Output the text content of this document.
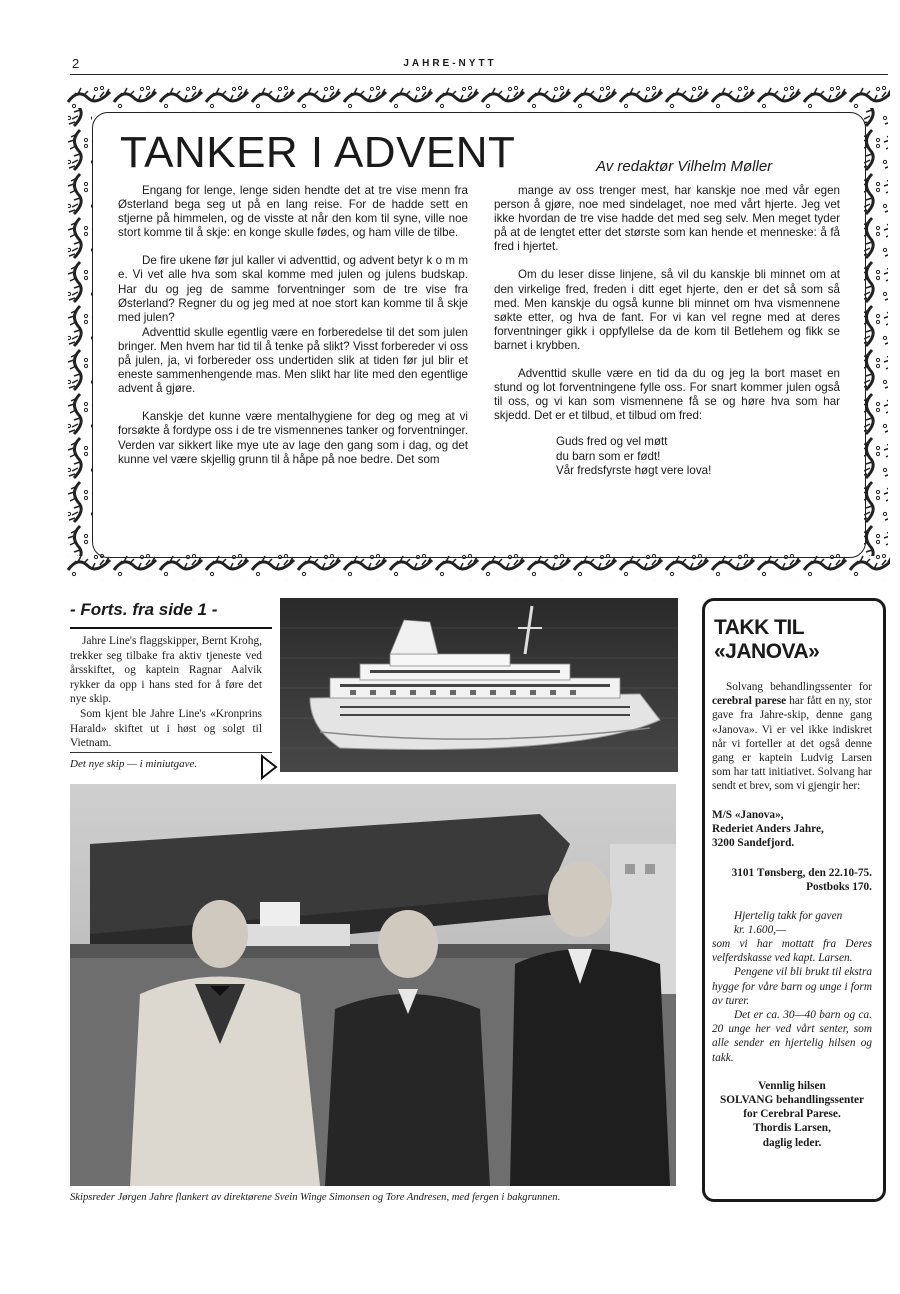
2	JAHRE-NYTT
TANKER I ADVENT	Av redaktør Vilhelm Møller

Engang for lenge, lenge siden hendte det at tre vise menn fra Østerland bega seg ut på en lang reise. For de hadde sett en stjerne på himmelen, og de visste at når den kom til syne, ville noe stort komme til å skje: en konge skulle fødes, og ham ville de tilbe.

De fire ukene før jul kaller vi adventtid, og advent betyr k o m m e. Vi vet alle hva som skal komme med julen og julens budskap. Har du og jeg de samme forventninger som de tre vise fra Østerland? Regner du og jeg med at noe stort kan komme til å skje med julen?

Adventtid skulle egentlig være en forberedelse til det som julen bringer. Men hvem har tid til å tenke på slikt? Visst forbereder vi oss på julen, ja, vi forbereder oss undertiden slik at tiden før jul blir et eneste sammenhengende mas. Men slikt har lite med den egentlige advent å gjøre.

Kanskje det kunne være mentalhygiene for deg og meg at vi forsøkte å fordype oss i de tre vismennenes tanker og forventninger. Verden var sikkert like mye ute av lage den gang som i dag, og det kunne vel være skjellig grunn til å håpe på noe bedre. Det som

mange av oss trenger mest, har kanskje noe med vår egen person å gjøre, noe med sindelaget, noe med vårt hjerte. Jeg vet ikke hvordan de tre vise hadde det med seg selv. Men meget tyder på at de lengtet etter det største som kan hende et menneske: å få fred i hjertet.

Om du leser disse linjene, så vil du kanskje bli minnet om at den virkelige fred, freden i ditt eget hjerte, den er det så som så med. Men kanskje du også kunne bli minnet om hva vismennene søkte etter, og hva de fant. For vi kan vel regne med at deres forventninger gikk i oppfyllelse da de kom til Betlehem og fikk se barnet i krybben.

Adventtid skulle være en tid da du og jeg la bort maset en stund og lot forventningene fylle oss. For snart kommer julen også til oss, og vi kan som vismennene få se og høre hva som har skjedd. Det er et tilbud, et tilbud om fred:

Guds fred og vel møtt
du barn som er født!
Vår fredsfyrste høgt vere lova!
- Forts. fra side 1 -

Jahre Line's flaggskipper, Bernt Krohg, trekker seg tilbake fra aktiv tjeneste ved årsskiftet, og kaptein Ragnar Aalvik rykker da opp i hans sted for å føre det nye skip.

Som kjent ble Jahre Line's «Kronprins Harald» skiftet ut i høst og solgt til Vietnam.

Det nye skip — i miniutgave.
Skipsreder Jørgen Jahre flankert av direktørene Svein Winge Simonsen og Tore Andresen, med fergen i bakgrunnen.
TAKK TIL
«JANOVA»

Solvang behandlingssenter for cerebral parese har fått en ny, stor gave fra Jahre-skip, denne gang «Janova». Vi er vel ikke indiskret når vi forteller at det også denne gang er kaptein Ludvig Larsen som har tatt initiativet. Solvang har sendt et brev, som vi gjengir her:

M/S «Janova»,
Rederiet Anders Jahre,
3200 Sandefjord.

3101 Tønsberg, den 22.10-75.
Postboks 170.

Hjertelig takk for gaven

kr. 1.600,—

som vi har mottatt fra Deres velferdskasse ved kapt. Larsen.

Pengene vil bli brukt til ekstra hygge for våre barn og unge i form av turer.

Det er ca. 30—40 barn og ca. 20 unge her ved vårt senter, som alle sender en hjertelig hilsen og takk.

Vennlig hilsen
SOLVANG behandlingssenter for Cerebral Parese.
Thordis Larsen,
daglig leder.
